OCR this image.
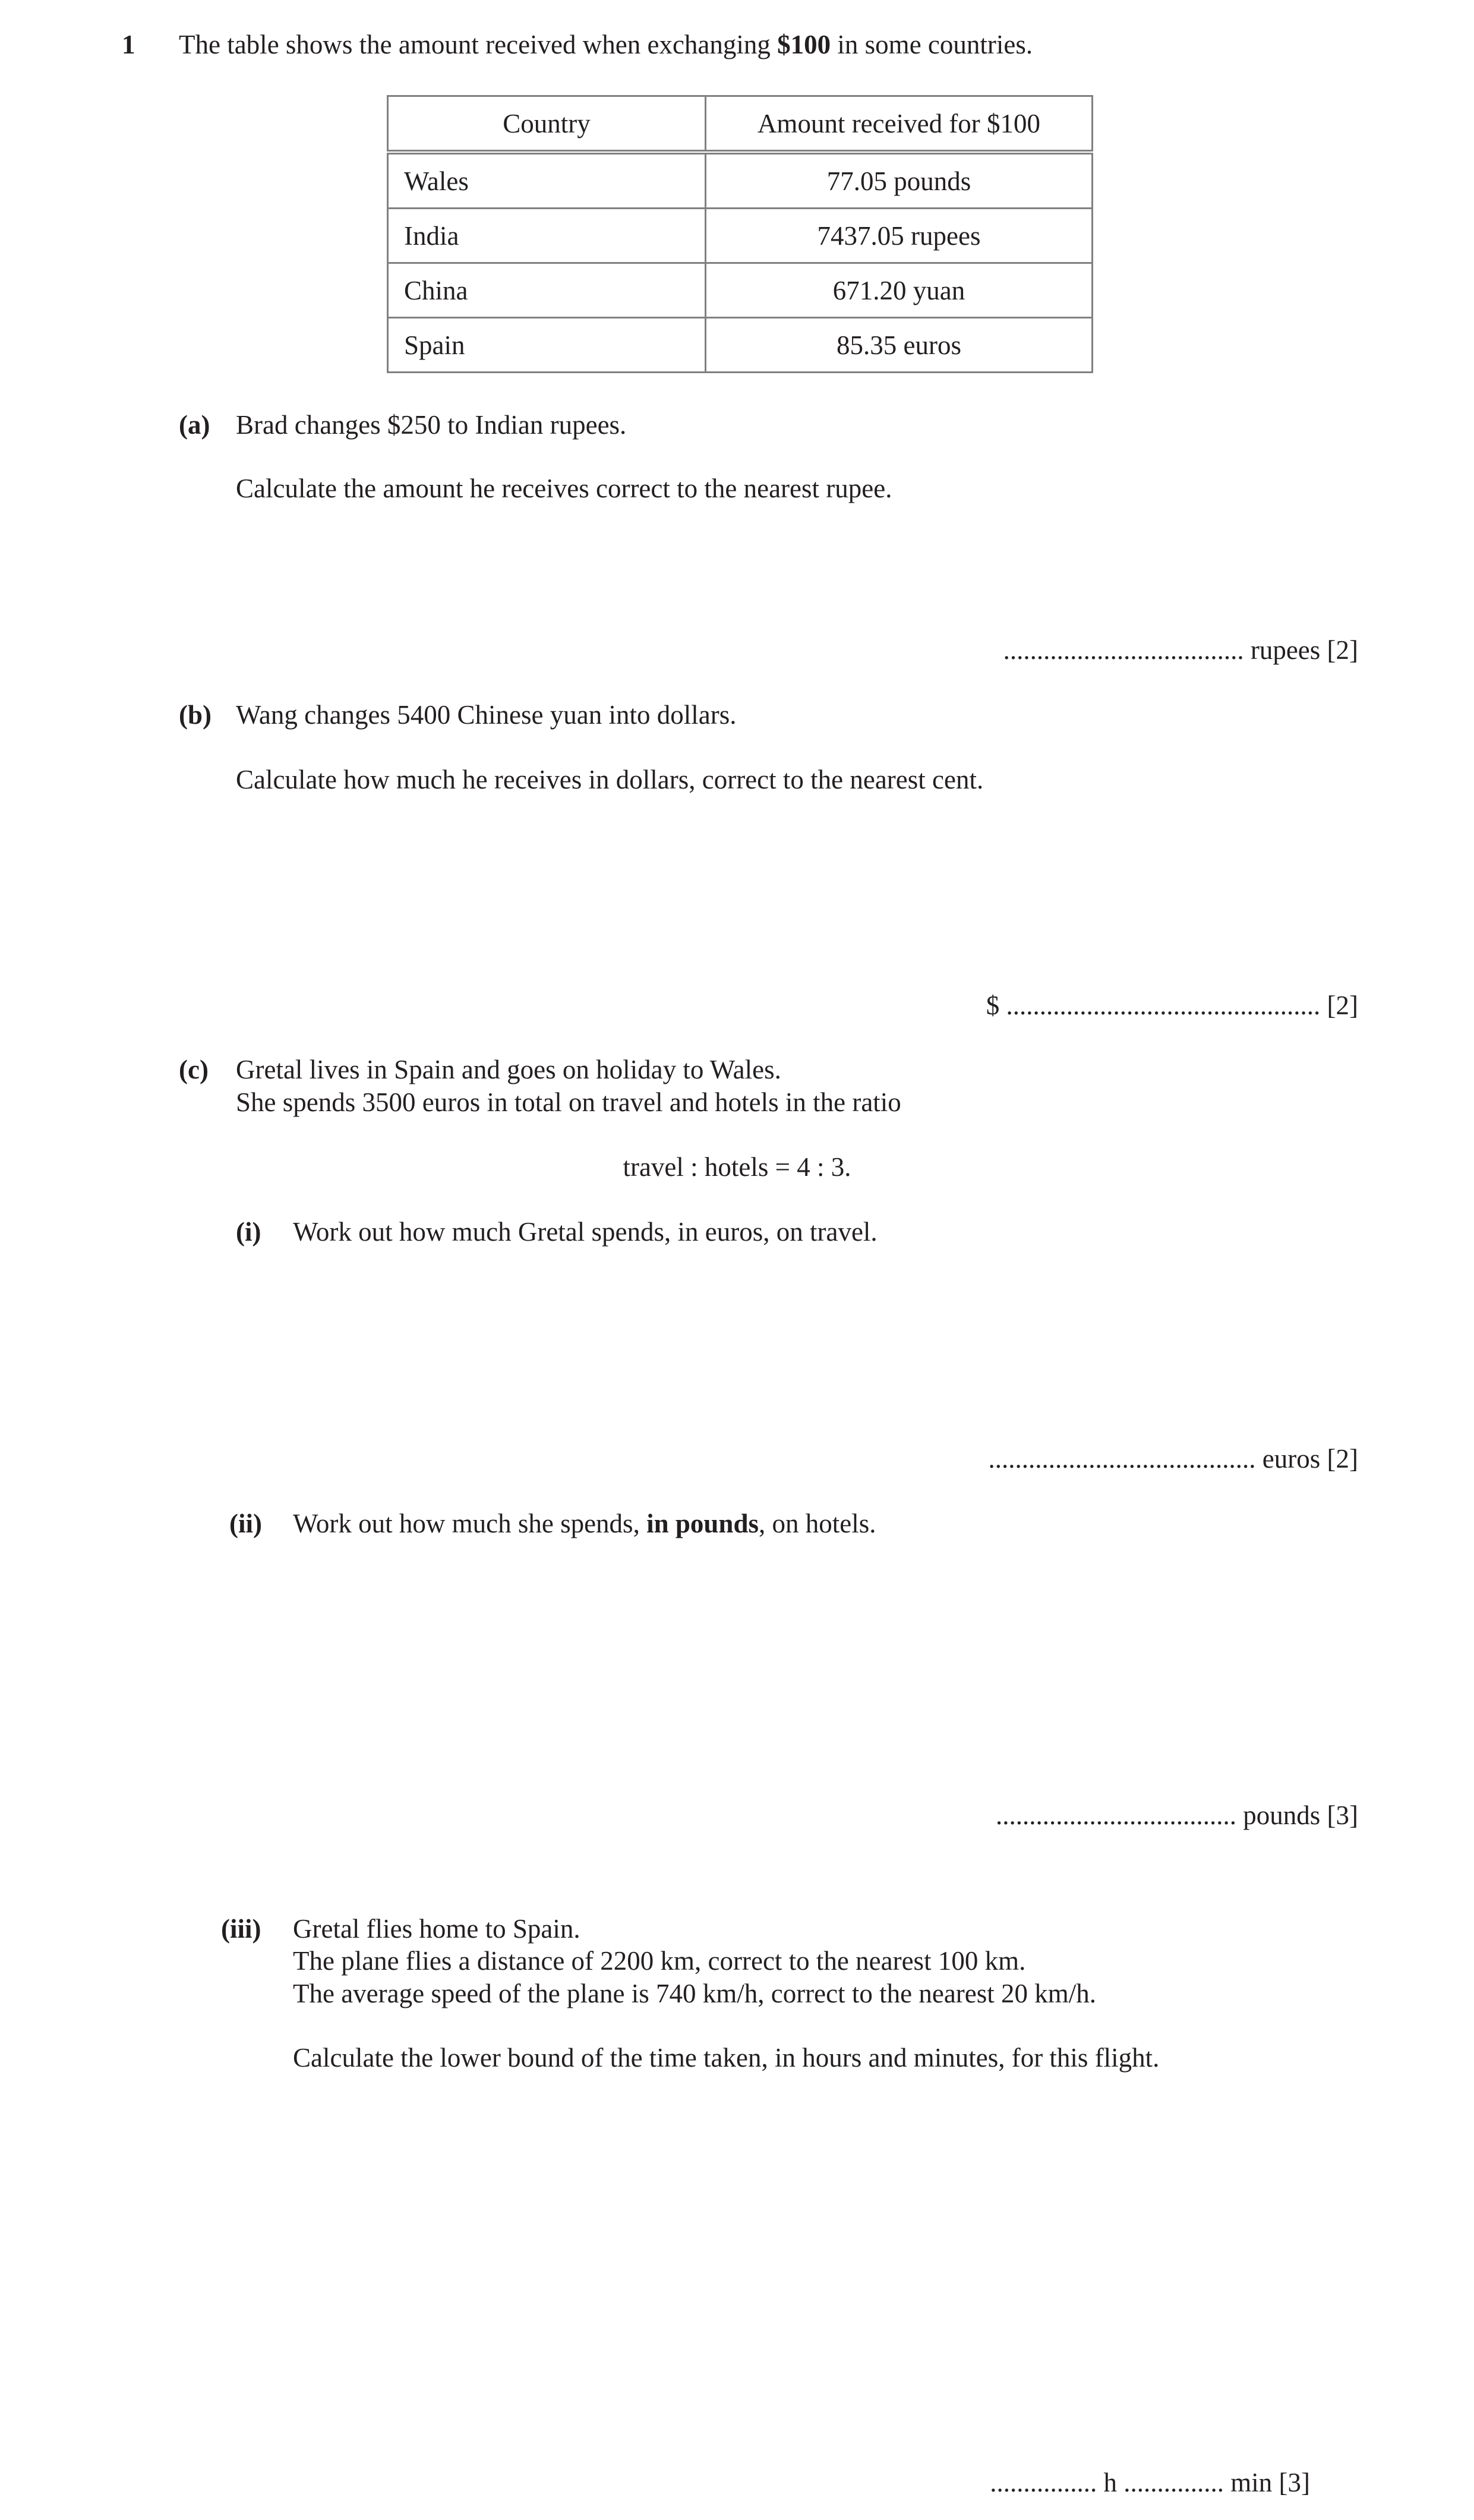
1 The table shows the amount received when exchanging $100 in some countries.
Country	Amount received for $100
Wales	77.05 pounds
India	7437.05 rupees
China	671.20 yuan
Spain	85.35 euros
(a) Brad changes $250 to Indian rupees.
Calculate the amount he receives correct to the nearest rupee.
.................................... rupees [2]
(b) Wang changes 5400 Chinese yuan into dollars.
Calculate how much he receives in dollars, correct to the nearest cent.
$ ............................................... [2]
(c) Gretal lives in Spain and goes on holiday to Wales.
She spends 3500 euros in total on travel and hotels in the ratio
travel : hotels = 4 : 3.
(i) Work out how much Gretal spends, in euros, on travel.
........................................ euros [2]
(ii) Work out how much she spends, in pounds, on hotels.
.................................... pounds [3]
(iii) Gretal flies home to Spain.
The plane flies a distance of 2200 km, correct to the nearest 100 km.
The average speed of the plane is 740 km/h, correct to the nearest 20 km/h.
Calculate the lower bound of the time taken, in hours and minutes, for this flight.
................ h ............... min [3]
